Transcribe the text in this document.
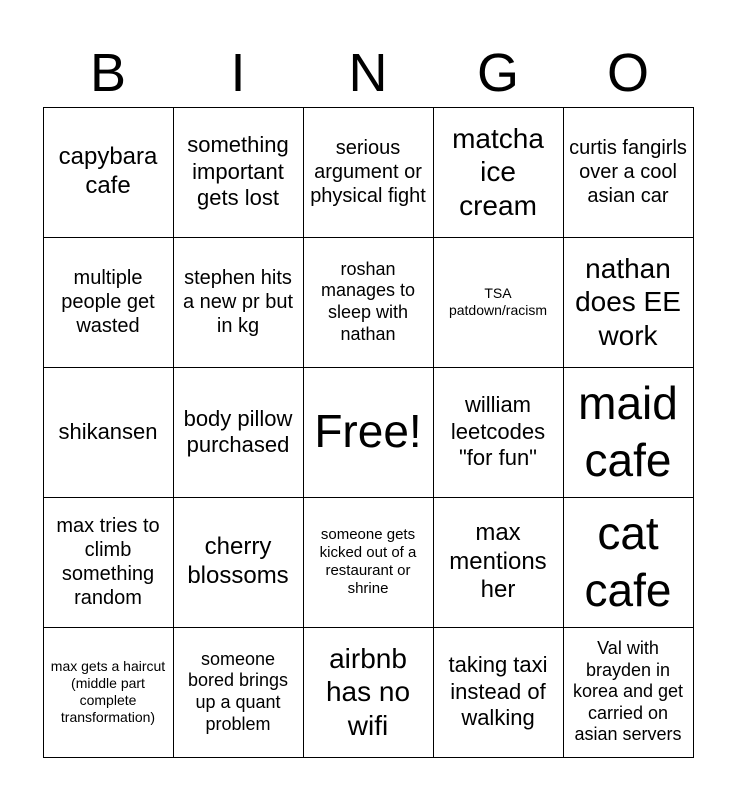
B	I	N	G	O
capybara cafe
something important gets lost
serious argument or physical fight
matcha ice cream
curtis fangirls over a cool asian car
multiple people get wasted
stephen hits a new pr but in kg
roshan manages to sleep with nathan
TSA patdown/racism
nathan does EE work
shikansen
body pillow purchased Free!
william leetcodes "for fun"
maid cafe
max tries to climb something random
cherry blossoms
someone gets kicked out of a restaurant or shrine
max mentions her
cat cafe
max gets a haircut (middle part complete transformation)
someone bored brings up a quant problem
airbnb has no wifi
taking taxi instead of walking
Val with brayden in korea and get carried on asian servers
